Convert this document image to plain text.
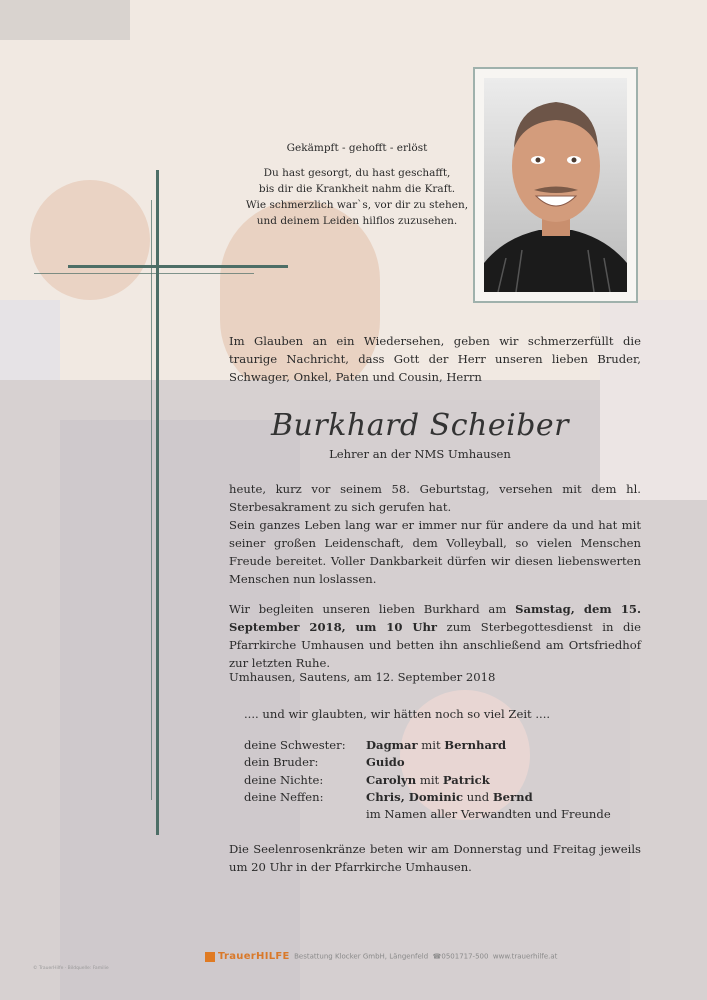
Gekämpft - gehofft - erlöst

Du hast gesorgt, du hast geschafft,

bis dir die Krankheit nahm die Kraft.

Wie schmerzlich war`s, vor dir zu stehen,

und deinem Leiden hilflos zuzusehen.

Im Glauben an ein Wiedersehen, geben wir schmerzerfüllt die traurige Nachricht, dass Gott der Herr unseren lieben Bruder, Schwager, Onkel, Paten und Cousin, Herrn

Burkhard Scheiber
Lehrer an der NMS Umhausen

heute, kurz vor seinem 58. Geburtstag, versehen mit dem hl. Sterbesakrament zu sich gerufen hat.

Sein ganzes Leben lang war er immer nur für andere da und hat mit seiner großen Leidenschaft, dem Volleyball, so vielen Menschen Freude bereitet. Voller Dankbarkeit dürfen wir diesen liebenswerten Menschen nun loslassen.

Wir begleiten unseren lieben Burkhard am Samstag, dem 15. September 2018, um 10 Uhr zum Sterbegottesdienst in die Pfarrkirche Umhausen und betten ihn anschließend am Ortsfriedhof zur letzten Ruhe.

Umhausen, Sautens, am 12. September 2018
.... und wir glaubten, wir hätten noch so viel Zeit ....
deine Schwester: Dagmar mit Bernhard
dein Bruder:	Guido
deine Nichte:	Carolyn mit Patrick
deine Neffen:	Chris, Dominic und Bernd
im Namen aller Verwandten und Freunde
Die Seelenrosenkränze beten wir am Donnerstag und Freitag jeweils um 20 Uhr in der Pfarrkirche Umhausen.
TrauerHILFE Bestattung Klocker GmbH, Längenfeld ☎0501717-500 www.trauerhilfe.at
© TrauerHilfe · Bildquelle: Familie
